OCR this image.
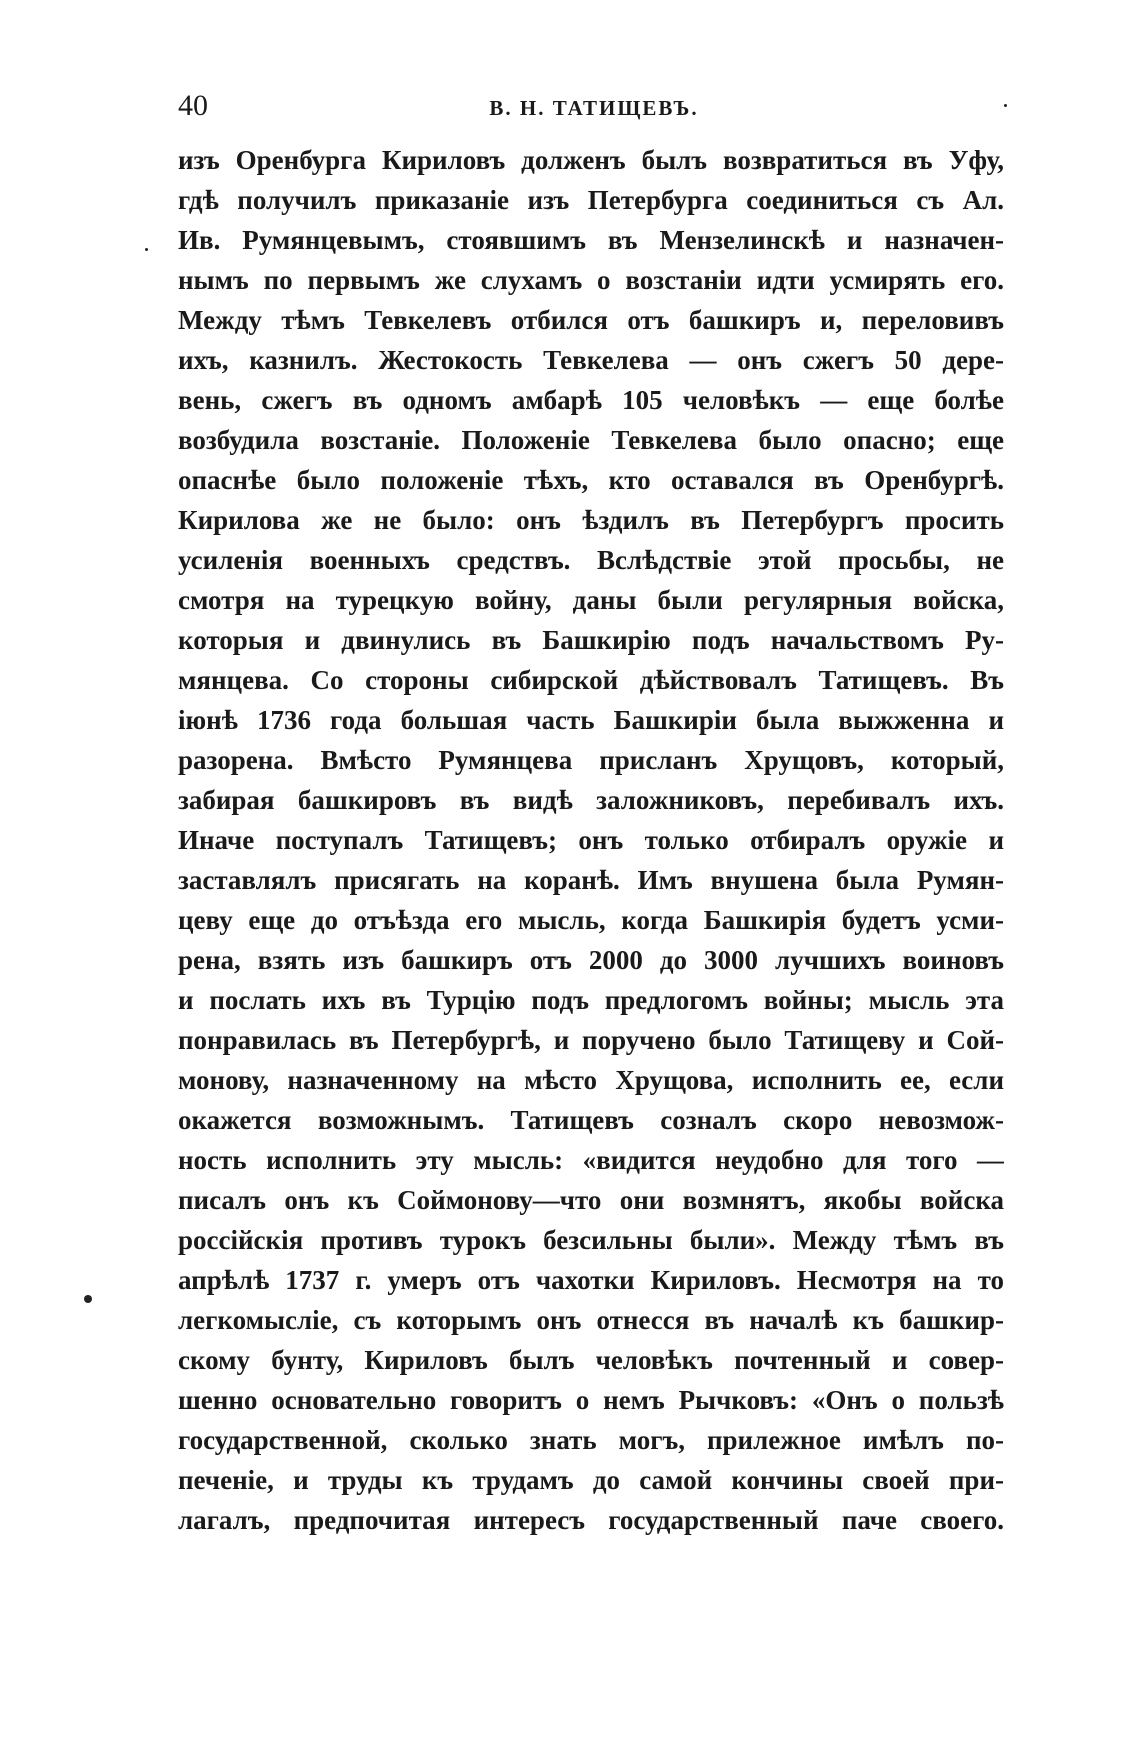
40	В. Н. ТАТИЩЕВЪ.
изъ Оренбурга Кириловъ долженъ былъ возвратиться въ Уфу,
гдѣ получилъ приказаніе изъ Петербурга соединиться съ Ал.
Ив. Румянцевымъ, стоявшимъ въ Мензелинскѣ и назначен-
нымъ по первымъ же слухамъ о возстаніи идти усмирять его.
Между тѣмъ Тевкелевъ отбился отъ башкиръ и, переловивъ
ихъ, казнилъ. Жестокость Тевкелева — онъ сжегъ 50 дере-
вень, сжегъ въ одномъ амбарѣ 105 человѣкъ — еще болѣе
возбудила возстаніе. Положеніе Тевкелева было опасно; еще
опаснѣе было положеніе тѣхъ, кто оставался въ Оренбургѣ.
Кирилова же не было: онъ ѣздилъ въ Петербургъ просить
усиленія военныхъ средствъ. Вслѣдствіе этой просьбы, не
смотря на турецкую войну, даны были регулярныя войска,
которыя и двинулись въ Башкирію подъ начальствомъ Ру-
мянцева. Со стороны сибирской дѣйствовалъ Татищевъ. Въ
іюнѣ 1736 года большая часть Башкиріи была выжженна и
разорена. Вмѣсто Румянцева присланъ Хрущовъ, который,
забирая башкировъ въ видѣ заложниковъ, перебивалъ ихъ.
Иначе поступалъ Татищевъ; онъ только отбиралъ оружіе и
заставлялъ присягать на коранѣ. Имъ внушена была Румян-
цеву еще до отъѣзда его мысль, когда Башкирія будетъ усми-
рена, взять изъ башкиръ отъ 2000 до 3000 лучшихъ воиновъ
и послать ихъ въ Турцію подъ предлогомъ войны; мысль эта
понравилась въ Петербургѣ, и поручено было Татищеву и Сой-
монову, назначенному на мѣсто Хрущова, исполнить ее, если
окажется возможнымъ. Татищевъ созналъ скоро невозмож-
ность исполнить эту мысль: «видится неудобно для того —
писалъ онъ къ Соймонову—что они возмнятъ, якобы войска
россійскія противъ турокъ безсильны были». Между тѣмъ въ
апрѣлѣ 1737 г. умеръ отъ чахотки Кириловъ. Несмотря на то
легкомысліе, съ которымъ онъ отнесся въ началѣ къ башкир-
скому бунту, Кириловъ былъ человѣкъ почтенный и совер-
шенно основательно говоритъ о немъ Рычковъ: «Онъ о пользѣ
государственной, сколько знать могъ, прилежное имѣлъ по-
печеніе, и труды къ трудамъ до самой кончины своей при-
лагалъ, предпочитая интересъ государственный паче своего.
